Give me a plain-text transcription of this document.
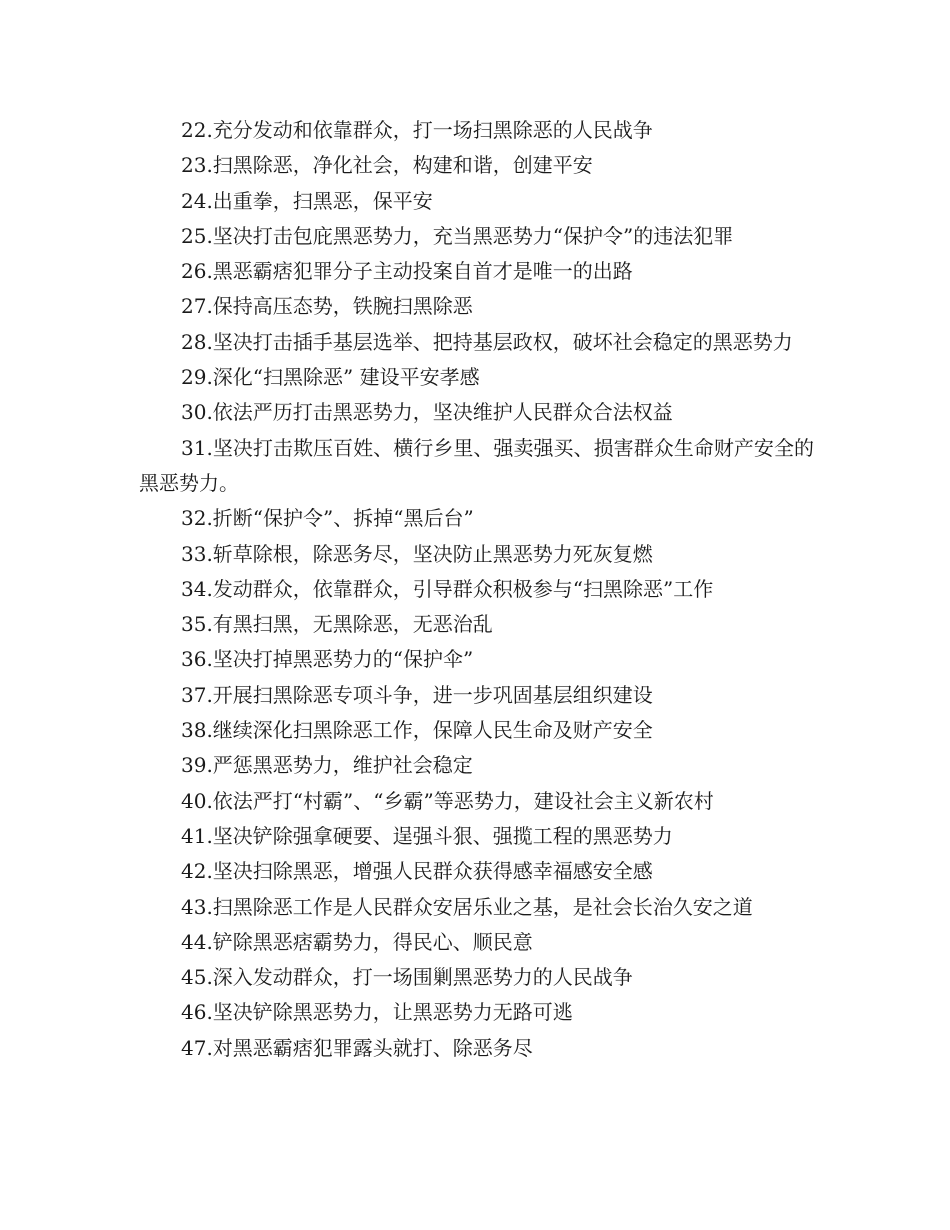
22.充分发动和依靠群众，打一场扫黑除恶的人民战争

23.扫黑除恶，净化社会，构建和谐，创建平安

24.出重拳，扫黑恶，保平安

25.坚决打击包庇黑恶势力，充当黑恶势力“保护令”的违法犯罪

26.黑恶霸痞犯罪分子主动投案自首才是唯一的出路

27.保持高压态势，铁腕扫黑除恶

28.坚决打击插手基层选举、把持基层政权，破坏社会稳定的黑恶势力

29.深化“扫黑除恶” 建设平安孝感

30.依法严历打击黑恶势力，坚决维护人民群众合法权益

31.坚决打击欺压百姓、横行乡里、强卖强买、损害群众生命财产安全的黑恶势力。

32.折断“保护令”、拆掉“黑后台”

33.斩草除根，除恶务尽，坚决防止黑恶势力死灰复燃

34.发动群众，依靠群众，引导群众积极参与“扫黑除恶”工作

35.有黑扫黑，无黑除恶，无恶治乱

36.坚决打掉黑恶势力的“保护伞”

37.开展扫黑除恶专项斗争，进一步巩固基层组织建设

38.继续深化扫黑除恶工作，保障人民生命及财产安全

39.严惩黑恶势力，维护社会稳定

40.依法严打“村霸”、“乡霸”等恶势力，建设社会主义新农村

41.坚决铲除强拿硬要、逞强斗狠、强揽工程的黑恶势力

42.坚决扫除黑恶，增强人民群众获得感幸福感安全感

43.扫黑除恶工作是人民群众安居乐业之基，是社会长治久安之道

44.铲除黑恶痞霸势力，得民心、顺民意

45.深入发动群众，打一场围剿黑恶势力的人民战争

46.坚决铲除黑恶势力，让黑恶势力无路可逃

47.对黑恶霸痞犯罪露头就打、除恶务尽
